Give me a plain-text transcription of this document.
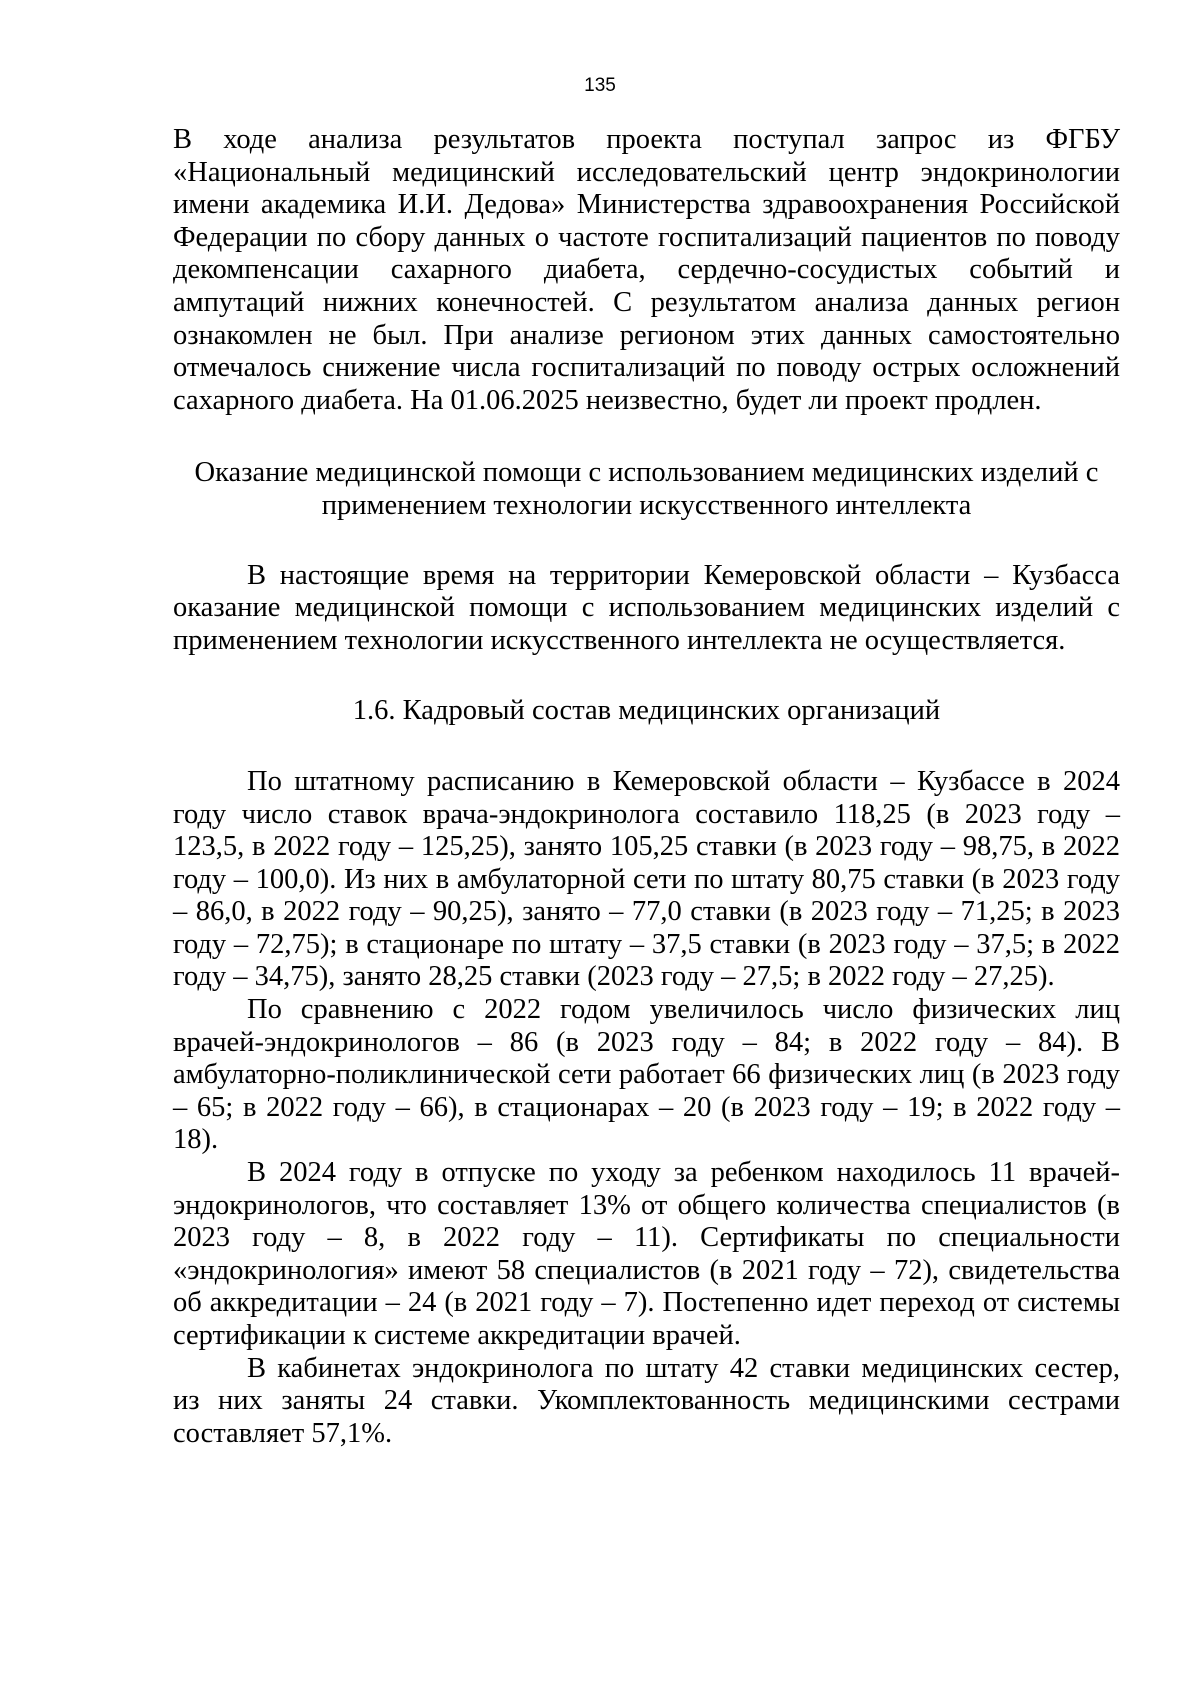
135

В ходе анализа результатов проекта поступал запрос из ФГБУ «Национальный медицинский исследовательский центр эндокринологии имени академика И.И. Дедова» Министерства здравоохранения Российской Федерации по сбору данных о частоте госпитализаций пациентов по поводу декомпенсации сахарного диабета, сердечно-сосудистых событий и ампутаций нижних конечностей. С результатом анализа данных регион ознакомлен не был. При анализе регионом этих данных самостоятельно отмечалось снижение числа госпитализаций по поводу острых осложнений сахарного диабета. На 01.06.2025 неизвестно, будет ли проект продлен.

Оказание медицинской помощи с использованием медицинских изделий с применением технологии искусственного интеллекта

В настоящие время на территории Кемеровской области – Кузбасса оказание медицинской помощи с использованием медицинских изделий с применением технологии искусственного интеллекта не осуществляется.

1.6. Кадровый состав медицинских организаций

По штатному расписанию в Кемеровской области – Кузбассе в 2024 году число ставок врача-эндокринолога составило 118,25 (в 2023 году – 123,5, в 2022 году – 125,25), занято 105,25 ставки (в 2023 году – 98,75, в 2022 году – 100,0). Из них в амбулаторной сети по штату 80,75 ставки (в 2023 году – 86,0, в 2022 году – 90,25), занято – 77,0 ставки (в 2023 году – 71,25; в 2023 году – 72,75); в стационаре по штату – 37,5 ставки (в 2023 году – 37,5; в 2022 году – 34,75), занято 28,25 ставки (2023 году – 27,5; в 2022 году – 27,25).

По сравнению с 2022 годом увеличилось число физических лиц врачей-эндокринологов – 86 (в 2023 году – 84; в 2022 году – 84). В амбулаторно-поликлинической сети работает 66 физических лиц (в 2023 году – 65; в 2022 году – 66), в стационарах – 20 (в 2023 году – 19; в 2022 году – 18).

В 2024 году в отпуске по уходу за ребенком находилось 11 врачей-эндокринологов, что составляет 13% от общего количества специалистов (в 2023 году – 8, в 2022 году – 11). Сертификаты по специальности «эндокринология» имеют 58 специалистов (в 2021 году – 72), свидетельства об аккредитации – 24 (в 2021 году – 7). Постепенно идет переход от системы сертификации к системе аккредитации врачей.

В кабинетах эндокринолога по штату 42 ставки медицинских сестер, из них заняты 24 ставки. Укомплектованность медицинскими сестрами составляет 57,1%.
